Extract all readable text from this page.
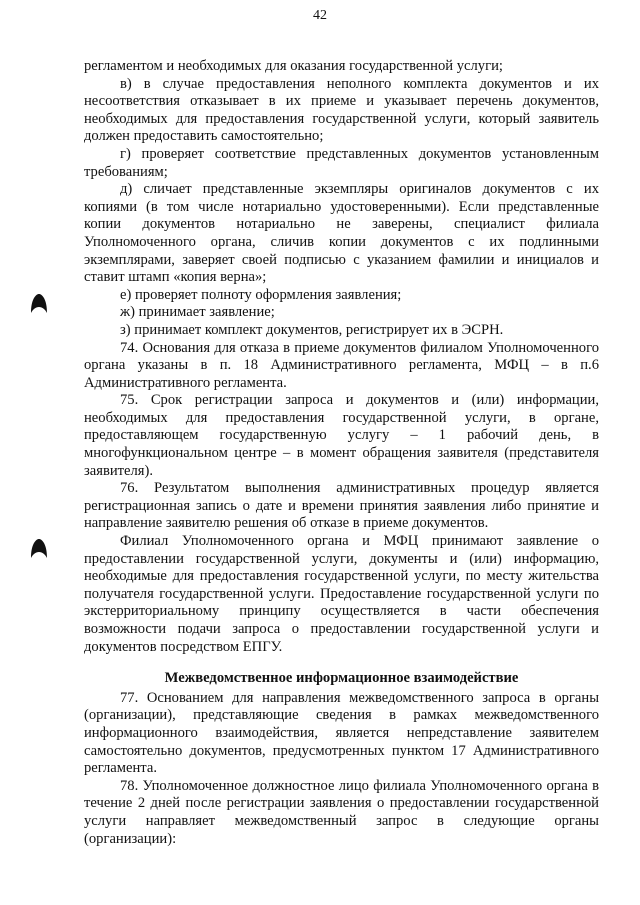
42

регламентом и необходимых для оказания государственной услуги;

в) в случае предоставления неполного комплекта документов и их несоответствия отказывает в их приеме и указывает перечень документов, необходимых для предоставления государственной услуги, который заявитель должен предоставить самостоятельно;

г) проверяет соответствие представленных документов установленным требованиям;

д) сличает представленные экземпляры оригиналов документов с их копиями (в том числе нотариально удостоверенными). Если представленные копии документов нотариально не заверены, специалист филиала Уполномоченного органа, сличив копии документов с их подлинными экземплярами, заверяет своей подписью с указанием фамилии и инициалов и ставит штамп «копия верна»;

е) проверяет полноту оформления заявления;

ж) принимает заявление;

з) принимает комплект документов, регистрирует их в ЭСРН.

74. Основания для отказа в приеме документов филиалом Уполномоченного органа указаны в п. 18 Административного регламента, МФЦ – в п.6 Административного регламента.

75. Срок регистрации запроса и документов и (или) информации, необходимых для предоставления государственной услуги, в органе, предоставляющем государственную услугу – 1 рабочий день, в многофункциональном центре – в момент обращения заявителя (представителя заявителя).

76. Результатом выполнения административных процедур является регистрационная запись о дате и времени принятия заявления либо принятие и направление заявителю решения об отказе в приеме документов.

Филиал Уполномоченного органа и МФЦ принимают заявление о предоставлении государственной услуги, документы и (или) информацию, необходимые для предоставления государственной услуги, по месту жительства получателя государственной услуги. Предоставление государственной услуги по экстерриториальному принципу осуществляется в части обеспечения возможности подачи запроса о предоставлении государственной услуги и документов посредством ЕПГУ.

Межведомственное информационное взаимодействие

77. Основанием для направления межведомственного запроса в органы (организации), представляющие сведения в рамках межведомственного информационного взаимодействия, является непредставление заявителем самостоятельно документов, предусмотренных пунктом 17 Административного регламента.

78. Уполномоченное должностное лицо филиала Уполномоченного органа в течение 2 дней после регистрации заявления о предоставлении государственной услуги направляет межведомственный запрос в следующие органы (организации):
